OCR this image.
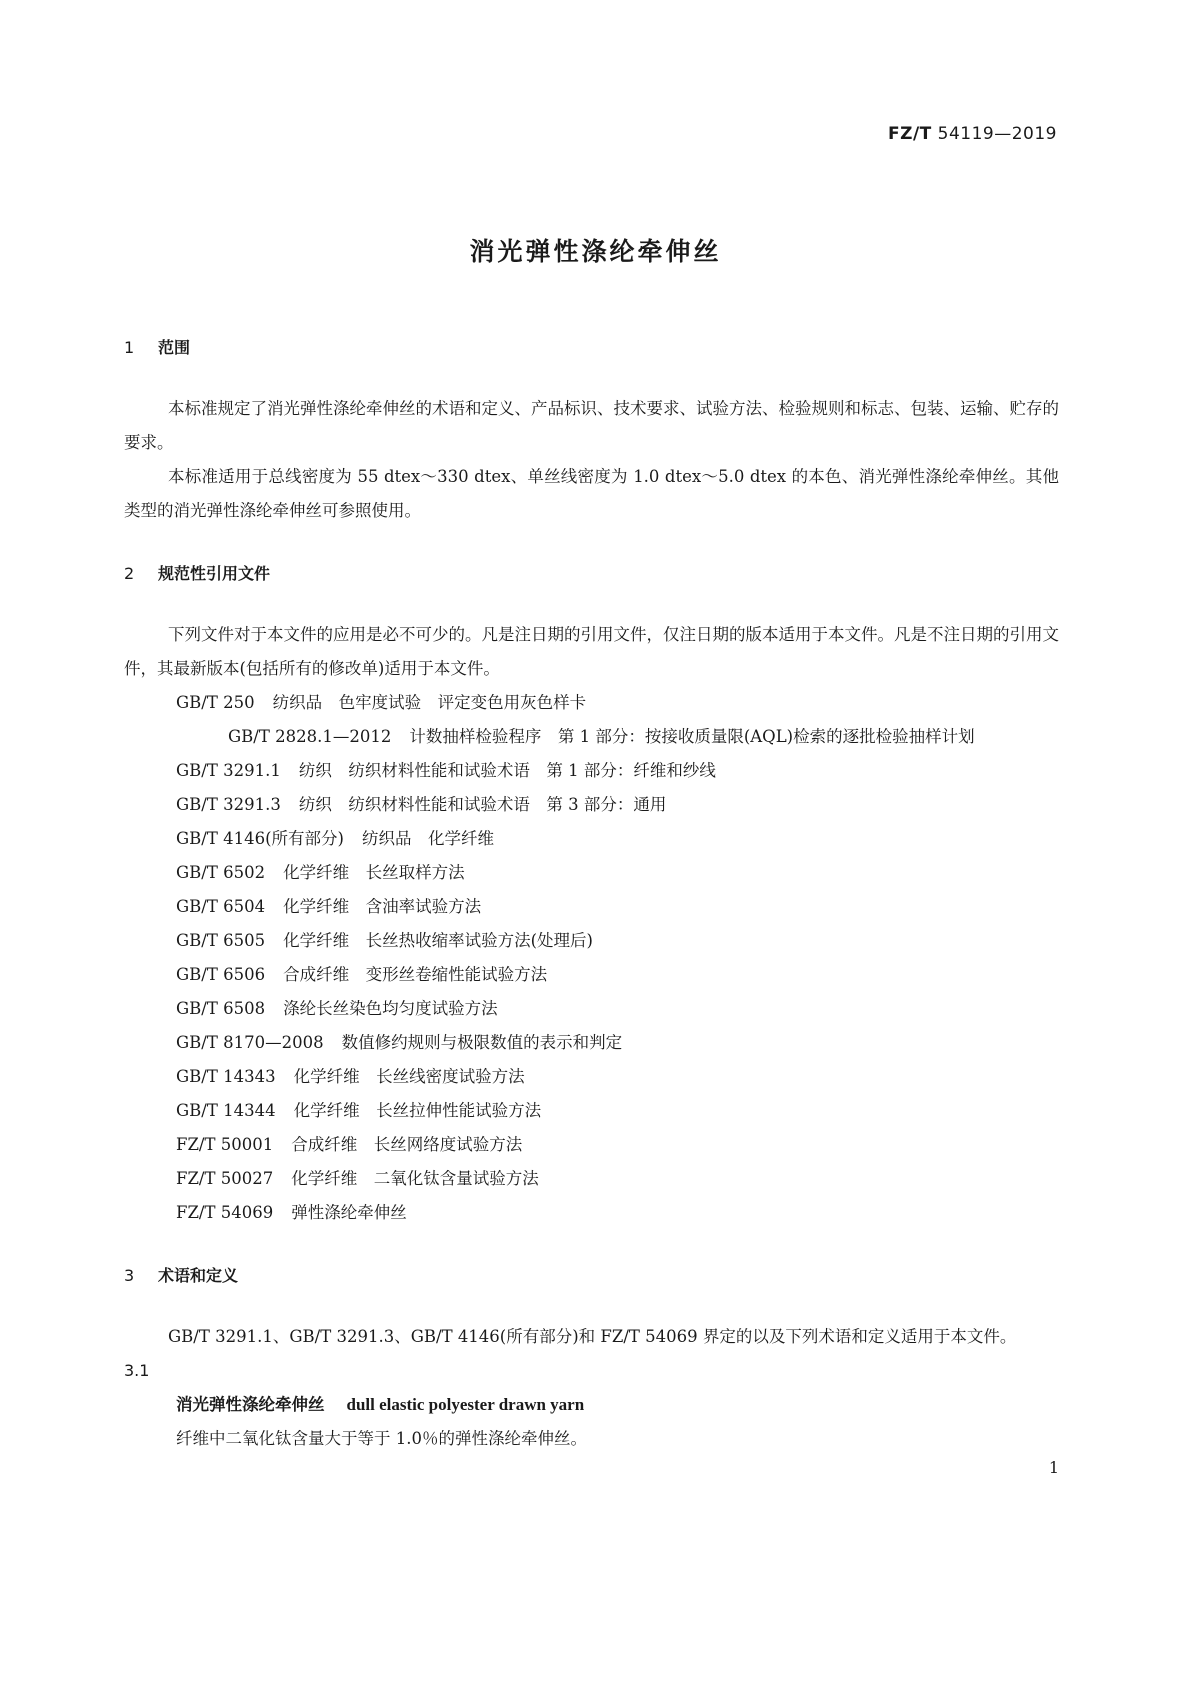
FZ/T 54119—2019
消光弹性涤纶牵伸丝
1 范围

本标准规定了消光弹性涤纶牵伸丝的术语和定义、产品标识、技术要求、试验方法、检验规则和标志、包装、运输、贮存的要求。

本标准适用于总线密度为 55 dtex～330 dtex、单丝线密度为 1.0 dtex～5.0 dtex 的本色、消光弹性涤纶牵伸丝。其他类型的消光弹性涤纶牵伸丝可参照使用。

2 规范性引用文件

下列文件对于本文件的应用是必不可少的。凡是注日期的引用文件，仅注日期的版本适用于本文件。凡是不注日期的引用文件，其最新版本(包括所有的修改单)适用于本文件。

GB/T 250 纺织品　色牢度试验　评定变色用灰色样卡

GB/T 2828.1—2012 计数抽样检验程序　第 1 部分：按接收质量限(AQL)检索的逐批检验抽样计划

GB/T 3291.1 纺织　纺织材料性能和试验术语　第 1 部分：纤维和纱线

GB/T 3291.3 纺织　纺织材料性能和试验术语　第 3 部分：通用

GB/T 4146(所有部分) 纺织品　化学纤维

GB/T 6502 化学纤维　长丝取样方法

GB/T 6504 化学纤维　含油率试验方法

GB/T 6505 化学纤维　长丝热收缩率试验方法(处理后)

GB/T 6506 合成纤维　变形丝卷缩性能试验方法

GB/T 6508 涤纶长丝染色均匀度试验方法

GB/T 8170—2008 数值修约规则与极限数值的表示和判定

GB/T 14343 化学纤维　长丝线密度试验方法

GB/T 14344 化学纤维　长丝拉伸性能试验方法

FZ/T 50001 合成纤维　长丝网络度试验方法

FZ/T 50027 化学纤维　二氧化钛含量试验方法

FZ/T 54069 弹性涤纶牵伸丝

3 术语和定义

GB/T 3291.1、GB/T 3291.3、GB/T 4146(所有部分)和 FZ/T 54069 界定的以及下列术语和定义适用于本文件。

3.1
消光弹性涤纶牵伸丝 dull elastic polyester drawn yarn
纤维中二氧化钛含量大于等于 1.0％的弹性涤纶牵伸丝。
1
